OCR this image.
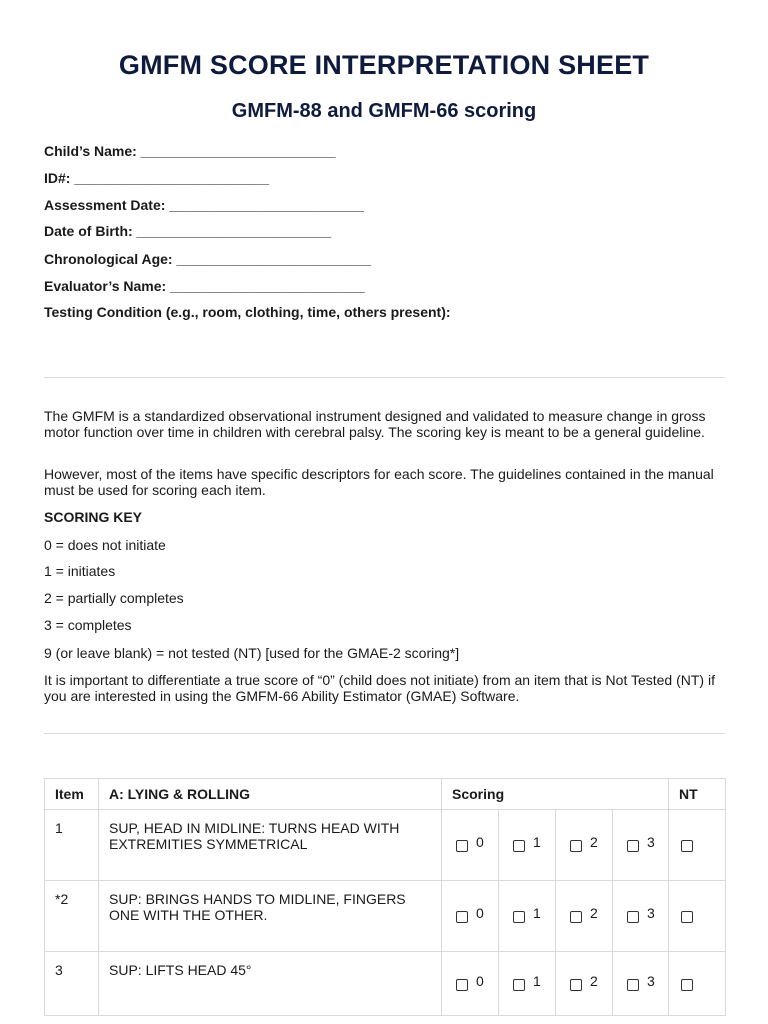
GMFM SCORE INTERPRETATION SHEET
GMFM-88 and GMFM-66 scoring
Child’s Name: _________________________
ID#: _________________________
Assessment Date: _________________________
Date of Birth: _________________________
Chronological Age: _________________________
Evaluator’s Name: _________________________
Testing Condition (e.g., room, clothing, time, others present):
The GMFM is a standardized observational instrument designed and validated to measure change in gross motor function over time in children with cerebral palsy. The scoring key is meant to be a general guideline.
However, most of the items have specific descriptors for each score. The guidelines contained in the manual must be used for scoring each item.
SCORING KEY
0 = does not initiate
1 = initiates
2 = partially completes
3 = completes
9 (or leave blank) = not tested (NT) [used for the GMAE-2 scoring*]
It is important to differentiate a true score of “0” (child does not initiate) from an item that is Not Tested (NT) if you are interested in using the GMFM-66 Ability Estimator (GMAE) Software.
Item	A: LYING & ROLLING	Scoring				NT
1	SUP, HEAD IN MIDLINE: TURNS HEAD WITH EXTREMITIES SYMMETRICAL	0	1	2	3	
*2	SUP: BRINGS HANDS TO MIDLINE, FINGERS ONE WITH THE OTHER.	0	1	2	3	
3	SUP: LIFTS HEAD 45°	0	1	2	3	
